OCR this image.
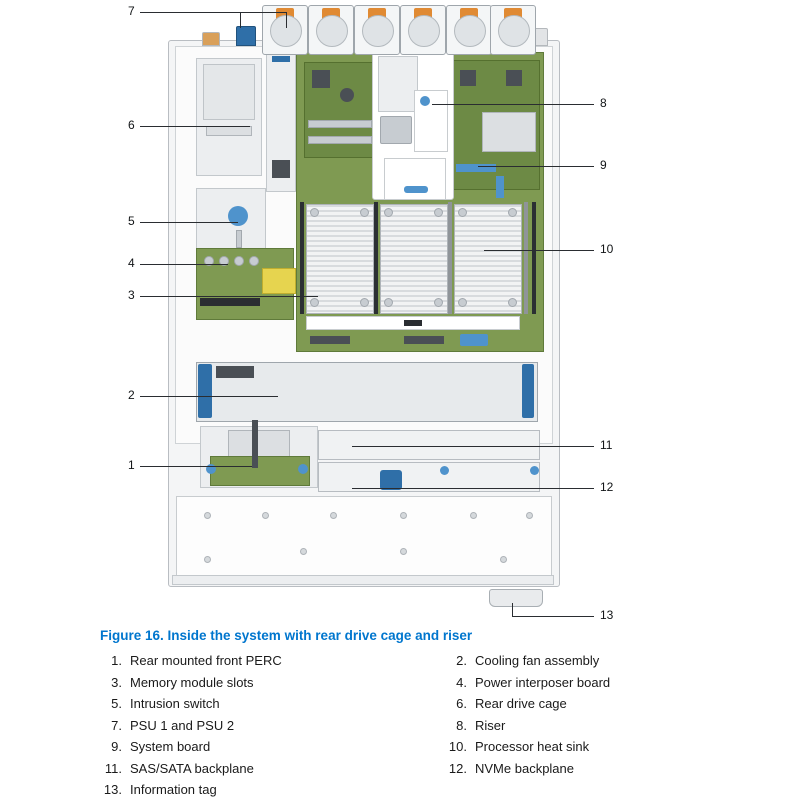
7
6
5
4
3
2
1
8
9
10
11
12
13
Figure 16. Inside the system with rear drive cage and riser
1. Rear mounted front PERC	2. Cooling fan assembly
3. Memory module slots	4. Power interposer board
5. Intrusion switch	6. Rear drive cage
7. PSU 1 and PSU 2	8. Riser
9. System board	10. Processor heat sink
11. SAS/SATA backplane	12. NVMe backplane
13. Information tag
